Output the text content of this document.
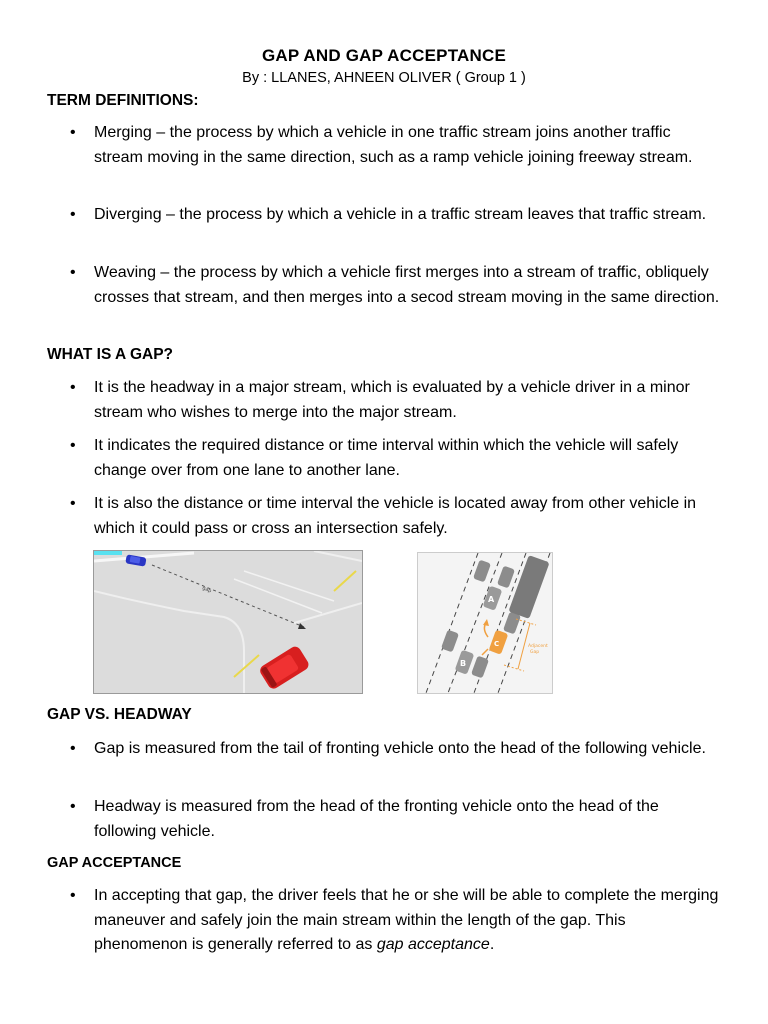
GAP AND GAP ACCEPTANCE
By : LLANES, AHNEEN OLIVER ( Group 1 )
TERM DEFINITIONS:
• Merging – the process by which a vehicle in one traffic stream joins another traffic stream moving in the same direction, such as a ramp vehicle joining freeway stream.
• Diverging – the process by which a vehicle in a traffic stream leaves that traffic stream.
• Weaving – the process by which a vehicle first merges into a stream of traffic, obliquely crosses that stream, and then merges into a secod stream moving in the same direction.
WHAT IS A GAP?
• It is the headway in a major stream, which is evaluated by a vehicle driver in a minor stream who wishes to merge into the major stream.
• It indicates the required distance or time interval within which the vehicle will safely change over from one lane to another lane.
• It is also the distance or time interval the vehicle is located away from other vehicle in which it could pass or cross an intersection safely.
gap
A
B
C	Adjacent
Gap
GAP VS. HEADWAY
• Gap is measured from the tail of fronting vehicle onto the head of the following vehicle.
• Headway is measured from the head of the fronting vehicle onto the head of the following vehicle.
GAP ACCEPTANCE
• In accepting that gap, the driver feels that he or she will be able to complete the merging maneuver and safely join the main stream within the length of the gap. This phenomenon is generally referred to as gap acceptance.
